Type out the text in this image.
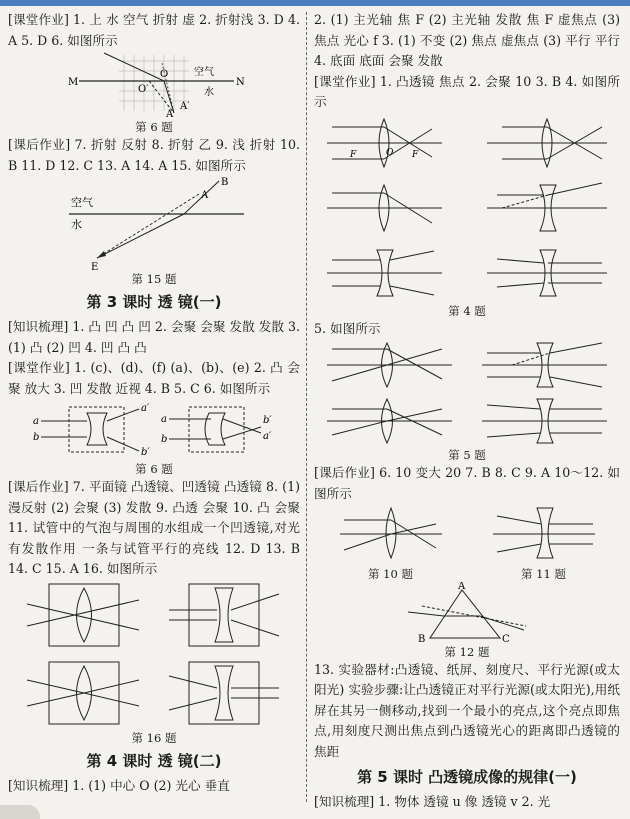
[课堂作业] 1. 上 水 空气 折射 虚 2. 折射浅 3. D 4. A 5. D 6. 如图所示

M
O
O′
N
A
A′
空气
水

第 6 题

[课后作业] 7. 折射 反射 8. 折射 乙 9. 浅 折射 10. B 11. D 12. C 13. A 14. A 15. 如图所示

B
A
E
空气
水

第 15 题

第 3 课时 透 镜(一)

[知识梳理] 1. 凸 凹 凸 凹 2. 会聚 会聚 发散 发散 3. (1) 凸 (2) 凹 4. 凹 凸 凸

[课堂作业] 1. (c)、(d)、(f) (a)、(b)、(e) 2. 凸 会聚 放大 3. 凹 发散 近视 4. B 5. C 6. 如图所示

a
b
a′
b′
a
b
b′
a′

第 6 题

[课后作业] 7. 平面镜 凸透镜、凹透镜 凸透镜 8. (1) 漫反射 (2) 会聚 (3) 发散 9. 凸透 会聚 10. 凸 会聚 11. 试管中的气泡与周围的水组成一个凹透镜,对光有发散作用 一条与试管平行的亮线 12. D 13. B 14. C 15. A 16. 如图所示

第 16 题

第 4 课时 透 镜(二)

[知识梳理] 1. (1) 中心 O (2) 光心 垂直

2. (1) 主光轴 焦 F (2) 主光轴 发散 焦 F 虚焦点 (3) 焦点 光心 f 3. (1) 不变 (2) 焦点 虚焦点 (3) 平行 平行 4. 底面 底面 会聚 发散

[课堂作业] 1. 凸透镜 焦点 2. 会聚 10 3. B 4. 如图所示

F	O F

第 4 题

5. 如图所示

第 5 题

[课后作业] 6. 10 变大 20 7. B 8. C 9. A 10～12. 如图所示

第 10 题	第 11 题

A
B	C

第 12 题

13. 实验器材:凸透镜、纸屏、刻度尺、平行光源(或太阳光) 实验步骤:让凸透镜正对平行光源(或太阳光),用纸屏在其另一侧移动,找到一个最小的亮点,这个亮点即焦点,用刻度尺测出焦点到凸透镜光心的距离即凸透镜的焦距

第 5 课时 凸透镜成像的规律(一)

[知识梳理] 1. 物体 透镜 u 像 透镜 v 2. 光
